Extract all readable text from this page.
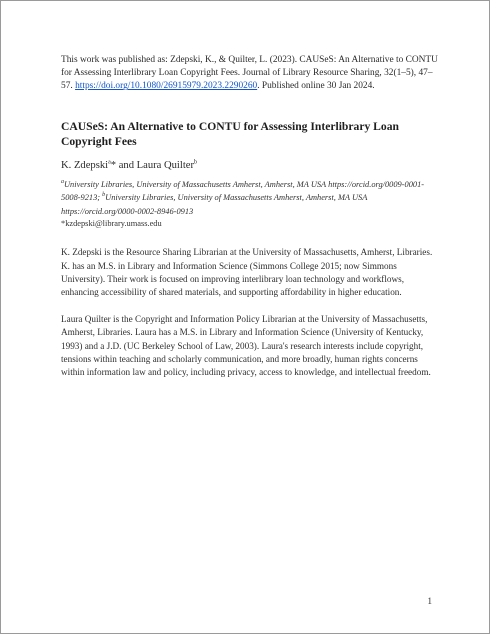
This work was published as: Zdepski, K., & Quilter, L. (2023). CAUSeS: An Alternative to CONTU for Assessing Interlibrary Loan Copyright Fees. Journal of Library Resource Sharing, 32(1–5), 47–57. https://doi.org/10.1080/26915979.2023.2290260. Published online 30 Jan 2024.

CAUSeS: An Alternative to CONTU for Assessing Interlibrary Loan Copyright Fees

K. Zdepski$^a$* and Laura Quilter$^b$

$^a$University Libraries, University of Massachusetts Amherst, Amherst, MA USA https://orcid.org/0009-0001-5008-9213; $^b$University Libraries, University of Massachusetts Amherst, Amherst, MA USA https://orcid.org/0000-0002-8946-0913

*kzdepski@library.umass.edu

K. Zdepski is the Resource Sharing Librarian at the University of Massachusetts, Amherst, Libraries. K. has an M.S. in Library and Information Science (Simmons College 2015; now Simmons University). Their work is focused on improving interlibrary loan technology and workflows, enhancing accessibility of shared materials, and supporting affordability in higher education.

Laura Quilter is the Copyright and Information Policy Librarian at the University of Massachusetts, Amherst, Libraries. Laura has a M.S. in Library and Information Science (University of Kentucky, 1993) and a J.D. (UC Berkeley School of Law, 2003). Laura's research interests include copyright, tensions within teaching and scholarly communication, and more broadly, human rights concerns within information law and policy, including privacy, access to knowledge, and intellectual freedom.

1
